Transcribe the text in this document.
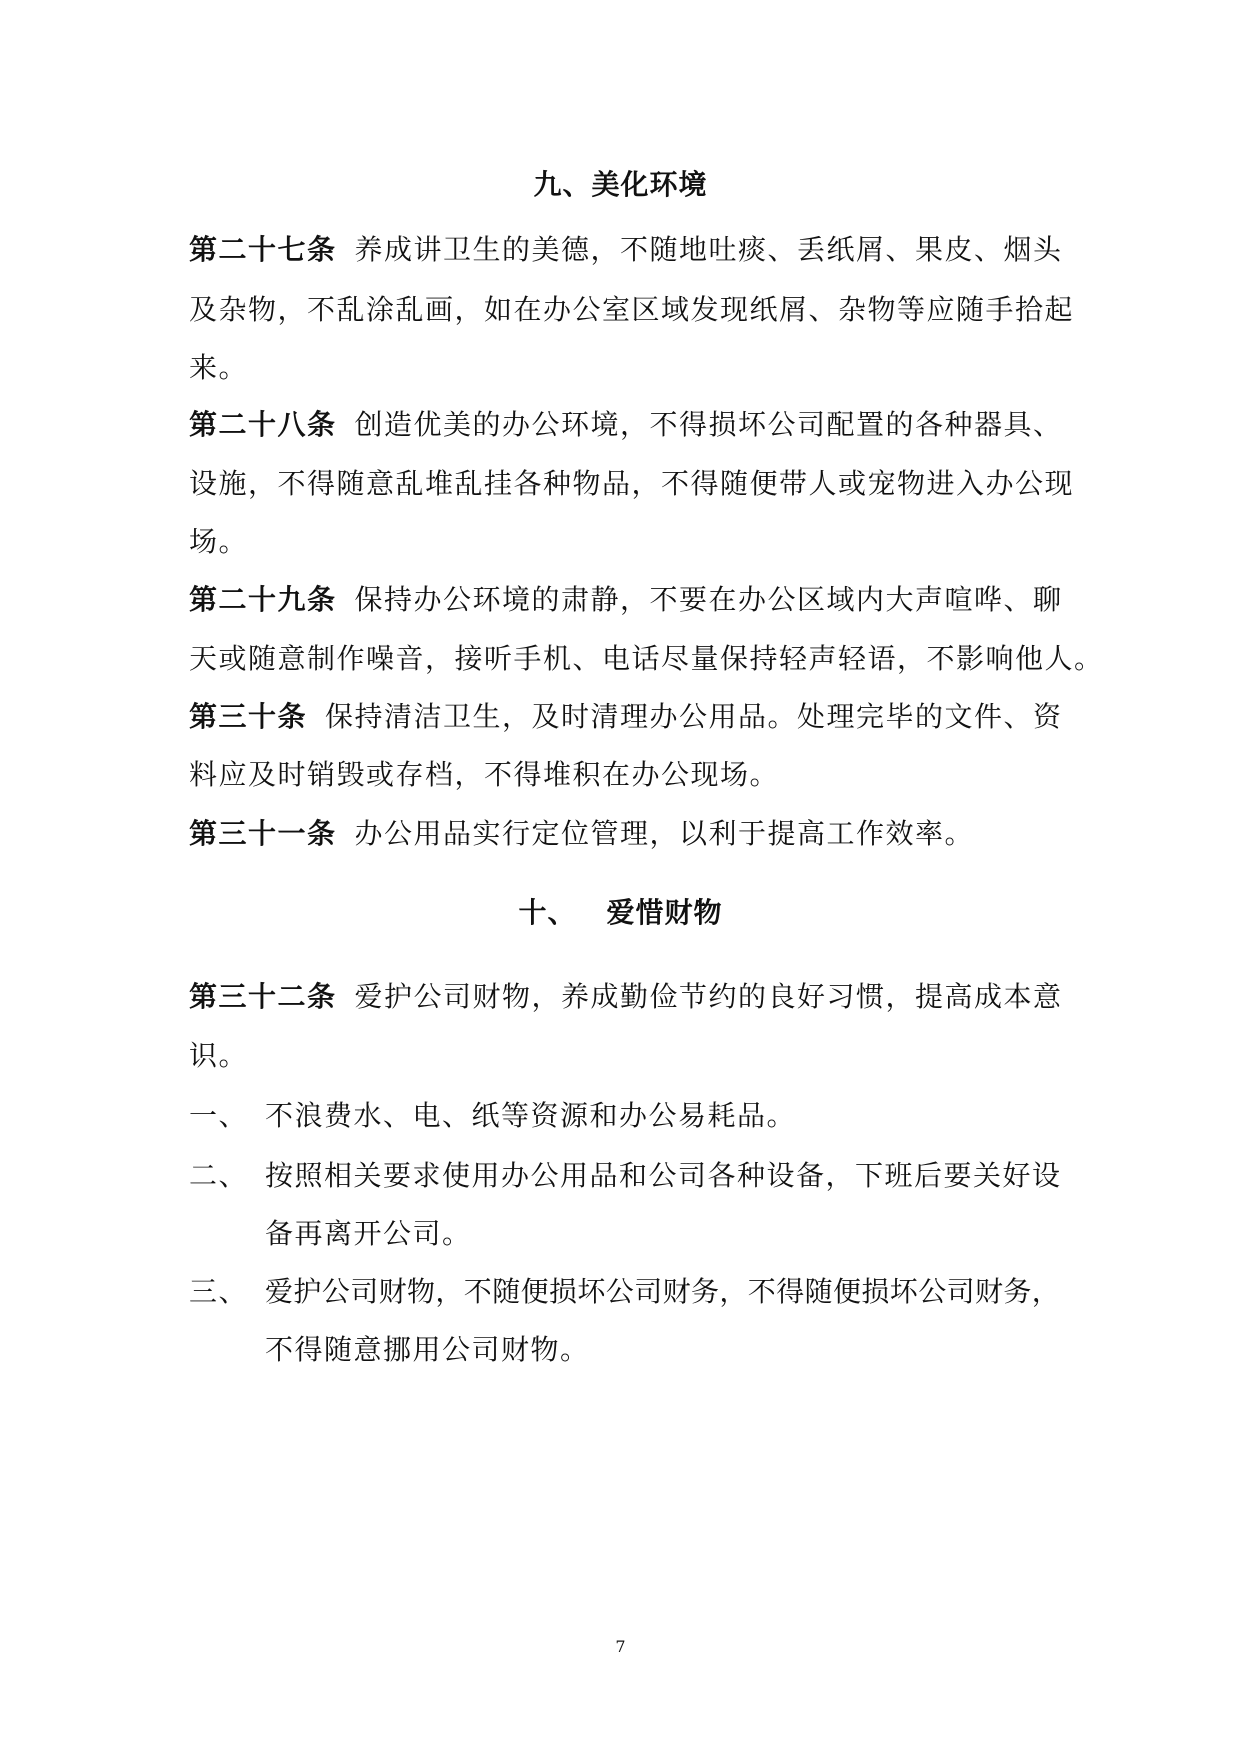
九、美化环境
第二十七条 养成讲卫生的美德，不随地吐痰、丢纸屑、果皮、烟头
及杂物，不乱涂乱画，如在办公室区域发现纸屑、杂物等应随手拾起
来。
第二十八条 创造优美的办公环境，不得损坏公司配置的各种器具、
设施，不得随意乱堆乱挂各种物品，不得随便带人或宠物进入办公现
场。
第二十九条 保持办公环境的肃静，不要在办公区域内大声喧哗、聊
天或随意制作噪音，接听手机、电话尽量保持轻声轻语，不影响他人。
第三十条 保持清洁卫生，及时清理办公用品。处理完毕的文件、资
料应及时销毁或存档，不得堆积在办公现场。
第三十一条 办公用品实行定位管理，以利于提高工作效率。
十、 爱惜财物
第三十二条 爱护公司财物，养成勤俭节约的良好习惯，提高成本意
识。
一、 不浪费水、电、纸等资源和办公易耗品。
二、 按照相关要求使用办公用品和公司各种设备，下班后要关好设
备再离开公司。
三、 爱护公司财物，不随便损坏公司财务，不得随便损坏公司财务，
不得随意挪用公司财物。
7
